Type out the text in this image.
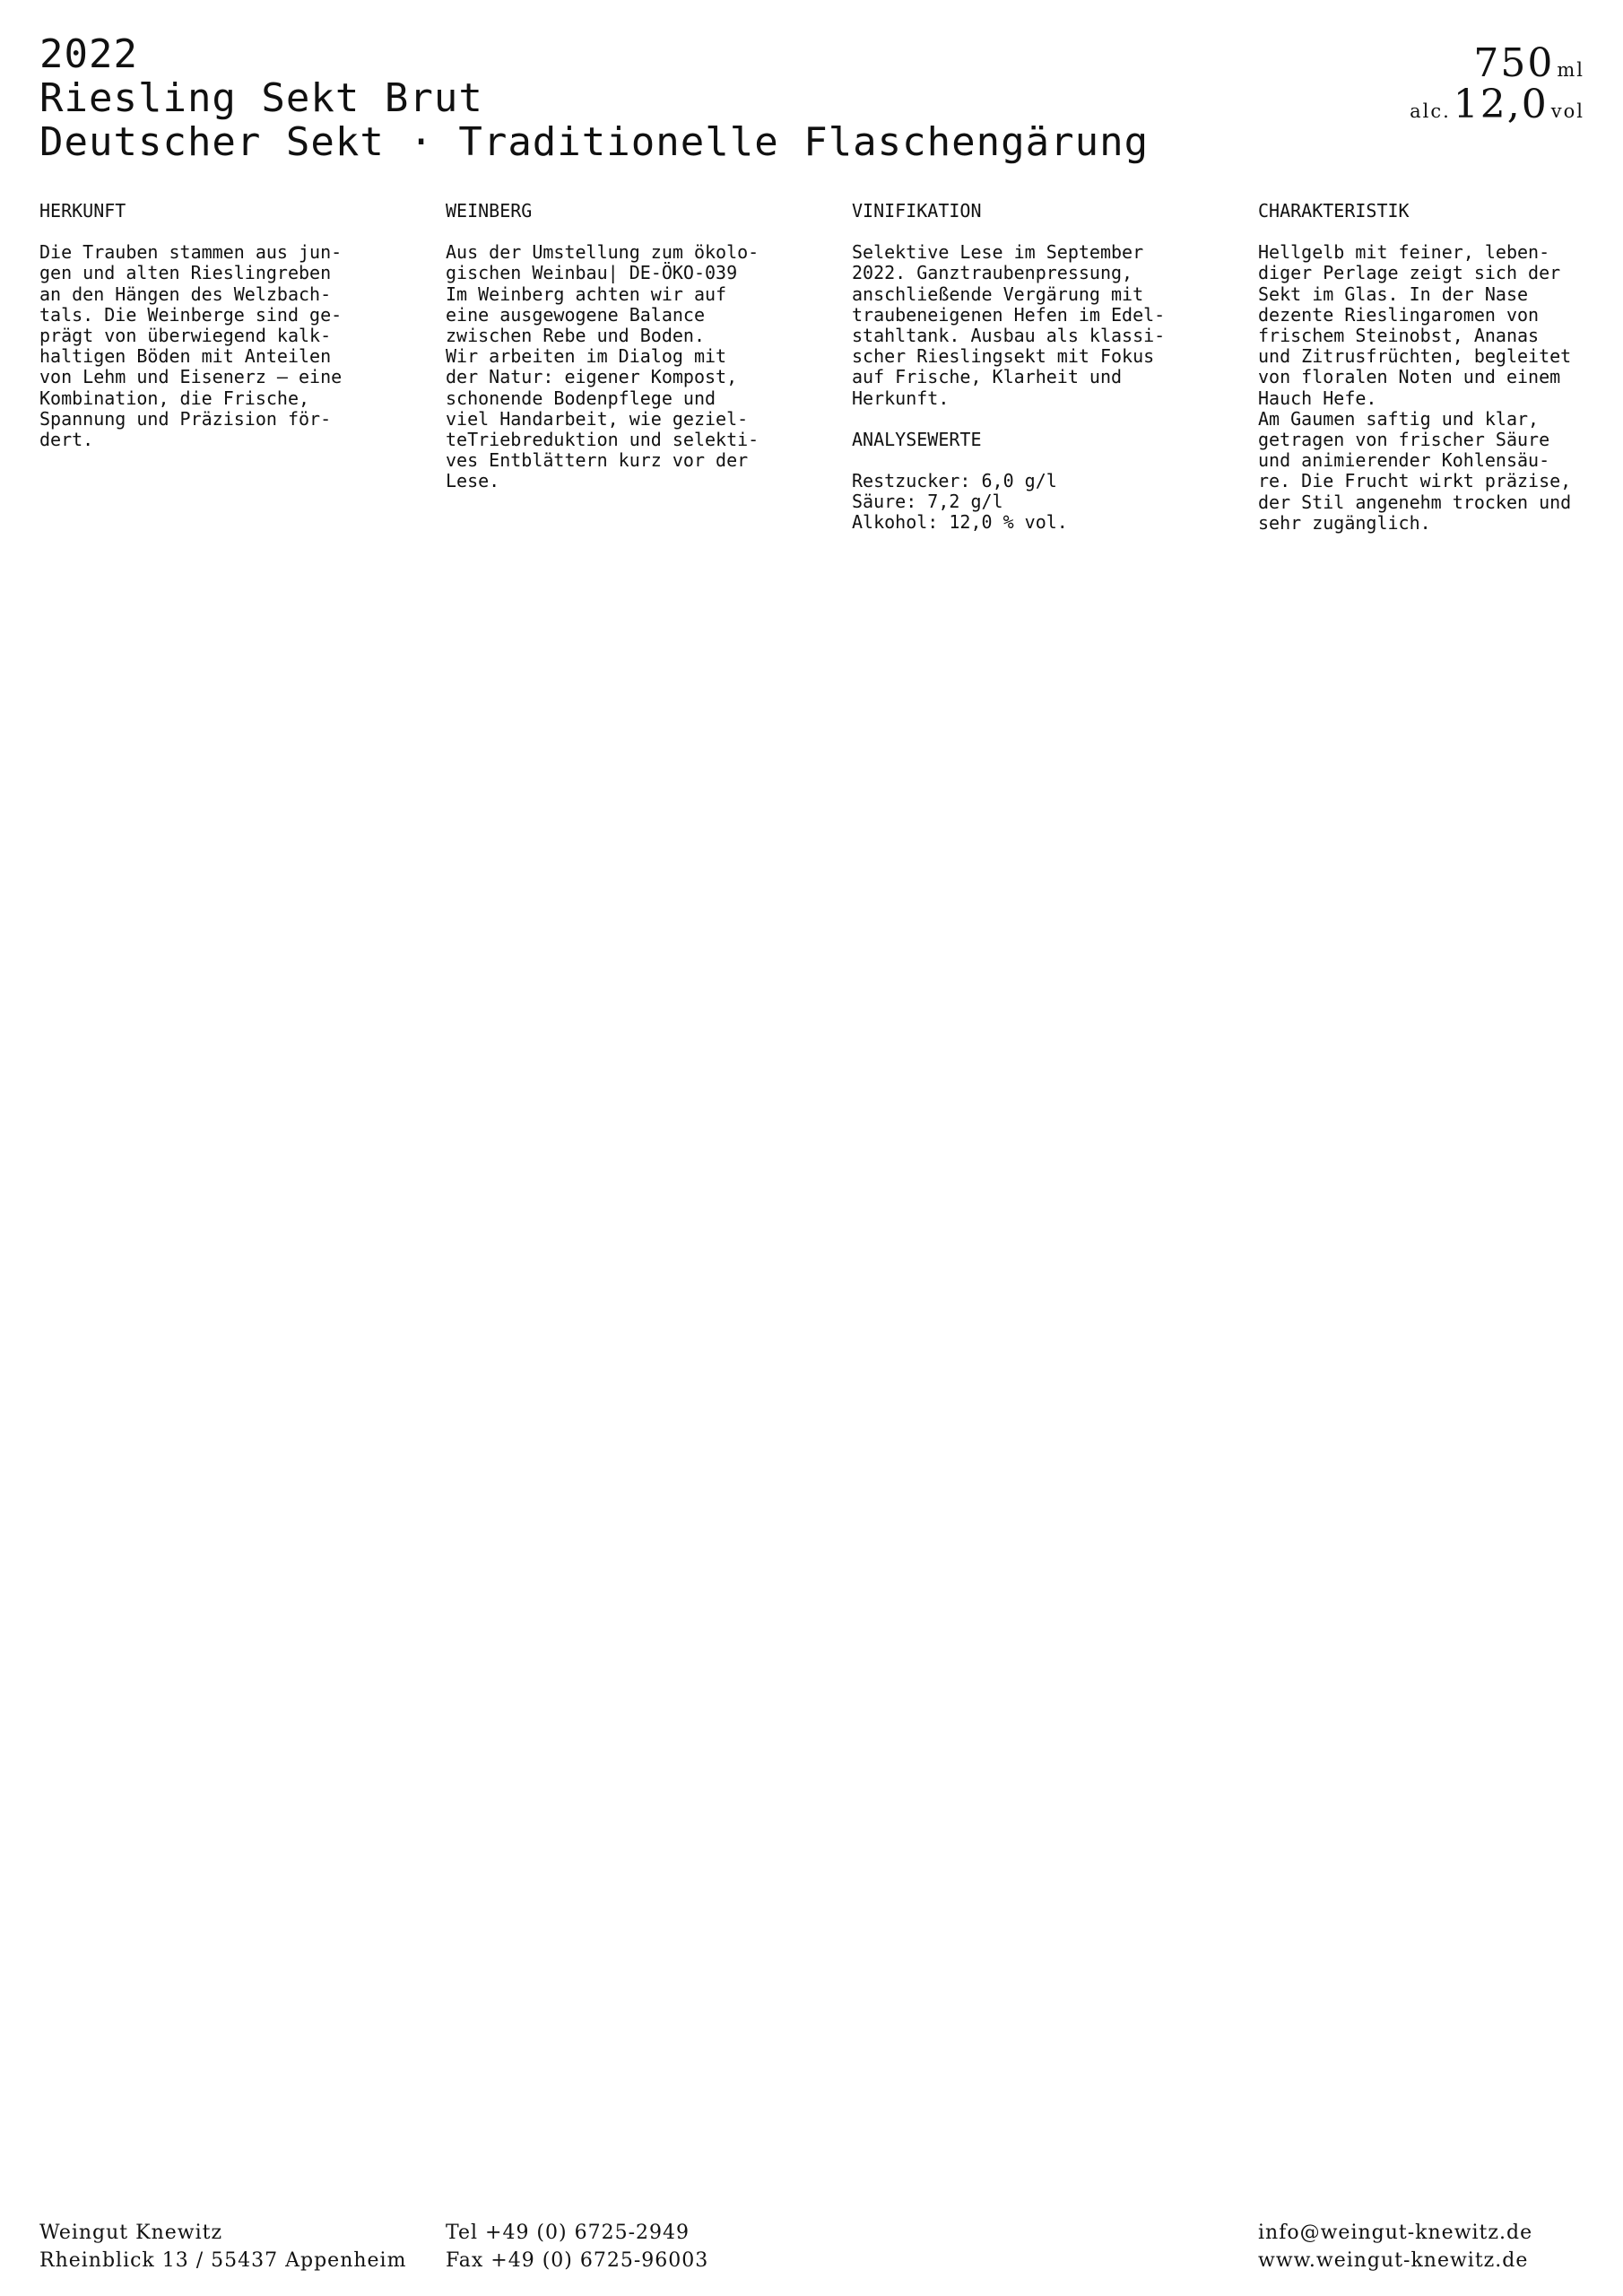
2022
Riesling Sekt Brut
Deutscher Sekt · Traditionelle Flaschengärung
750 ml
alc.12,0 vol
HERKUNFT

Die Trauben stammen aus jun-
gen und alten Rieslingreben
an den Hängen des Welzbach-
tals. Die Weinberge sind ge-
prägt von überwiegend kalk-
haltigen Böden mit Anteilen
von Lehm und Eisenerz – eine
Kombination, die Frische,
Spannung und Präzision för-
dert.

WEINBERG

Aus der Umstellung zum ökolo-
gischen Weinbau| DE-ÖKO-039
Im Weinberg achten wir auf
eine ausgewogene Balance
zwischen Rebe und Boden.
Wir arbeiten im Dialog mit
der Natur: eigener Kompost,
schonende Bodenpflege und
viel Handarbeit, wie geziel-
teTriebreduktion und selekti-
ves Entblättern kurz vor der
Lese.

VINIFIKATION

Selektive Lese im September
2022. Ganztraubenpressung,
anschließende Vergärung mit
traubeneigenen Hefen im Edel-
stahltank. Ausbau als klassi-
scher Rieslingsekt mit Fokus
auf Frische, Klarheit und
Herkunft.

ANALYSEWERTE
Restzucker: 6,0 g/l
Säure: 7,2 g/l
Alkohol: 12,0 % vol.
CHARAKTERISTIK

Hellgelb mit feiner, leben-
diger Perlage zeigt sich der
Sekt im Glas. In der Nase
dezente Rieslingaromen von
frischem Steinobst, Ananas
und Zitrusfrüchten, begleitet
von floralen Noten und einem
Hauch Hefe.
Am Gaumen saftig und klar,
getragen von frischer Säure
und animierender Kohlensäu-
re. Die Frucht wirkt präzise,
der Stil angenehm trocken und
sehr zugänglich.

Weingut Knewitz
Rheinblick 13 / 55437 Appenheim
Tel +49 (0) 6725-2949
Fax +49 (0) 6725-96003
info@weingut-knewitz.de
www.weingut-knewitz.de
